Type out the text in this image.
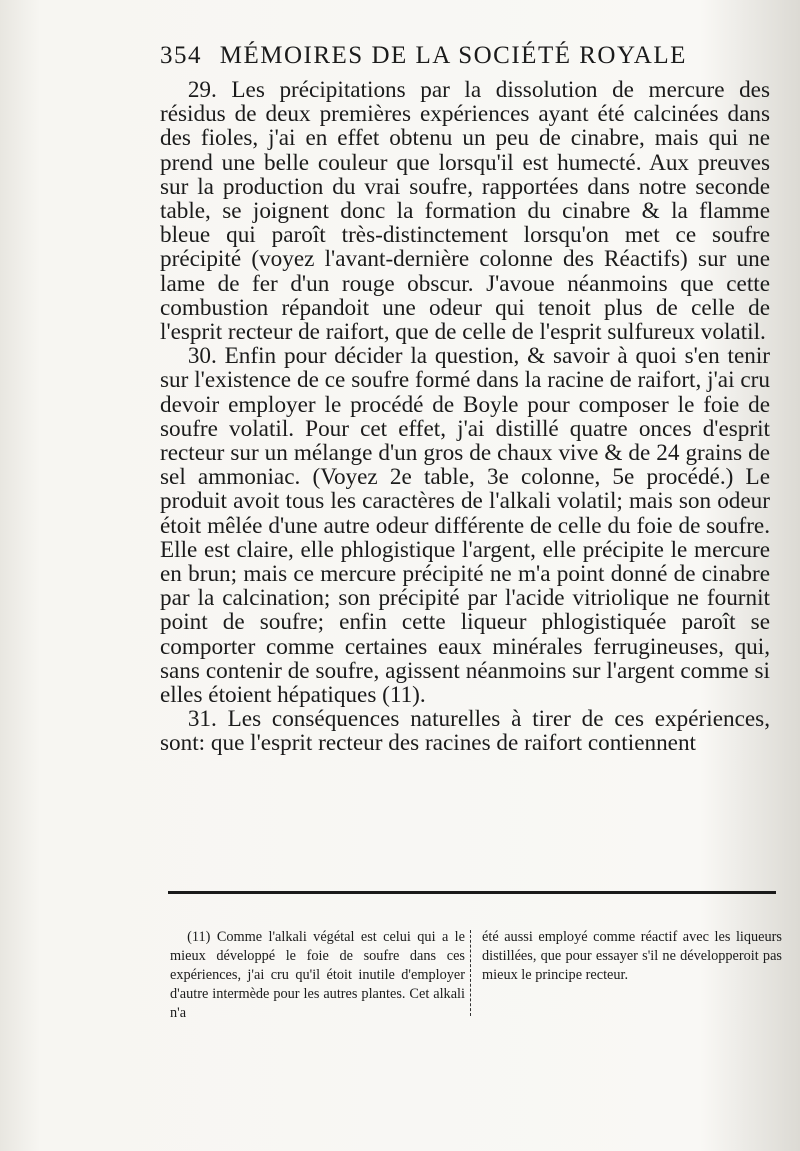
354 MÉMOIRES DE LA SOCIÉTÉ ROYALE

29. Les précipitations par la dissolution de mercure des résidus de deux premières expériences ayant été calcinées dans des fioles, j'ai en effet obtenu un peu de cinabre, mais qui ne prend une belle couleur que lorsqu'il est humecté. Aux preuves sur la production du vrai soufre, rapportées dans notre seconde table, se joignent donc la formation du cinabre & la flamme bleue qui paroît très-distinctement lorsqu'on met ce soufre précipité (voyez l'avant-dernière colonne des Réactifs) sur une lame de fer d'un rouge obscur. J'avoue néanmoins que cette combustion répandoit une odeur qui tenoit plus de celle de l'esprit recteur de raifort, que de celle de l'esprit sulfureux volatil.

30. Enfin pour décider la question, & savoir à quoi s'en tenir sur l'existence de ce soufre formé dans la racine de raifort, j'ai cru devoir employer le procédé de Boyle pour composer le foie de soufre volatil. Pour cet effet, j'ai distillé quatre onces d'esprit recteur sur un mélange d'un gros de chaux vive & de 24 grains de sel ammoniac. (Voyez 2e table, 3e colonne, 5e procédé.) Le produit avoit tous les caractères de l'alkali volatil; mais son odeur étoit mêlée d'une autre odeur différente de celle du foie de soufre. Elle est claire, elle phlogistique l'argent, elle précipite le mercure en brun; mais ce mercure précipité ne m'a point donné de cinabre par la calcination; son précipité par l'acide vitriolique ne fournit point de soufre; enfin cette liqueur phlogistiquée paroît se comporter comme certaines eaux minérales ferrugineuses, qui, sans contenir de soufre, agissent néanmoins sur l'argent comme si elles étoient hépatiques (11).

31. Les conséquences naturelles à tirer de ces expériences, sont: que l'esprit recteur des racines de raifort contiennent

(11) Comme l'alkali végétal est celui qui a le mieux développé le foie de soufre dans ces expériences, j'ai cru qu'il étoit inutile d'employer d'autre intermède pour les autres plantes. Cet alkali n'a

été aussi employé comme réactif avec les liqueurs distillées, que pour essayer s'il ne développeroit pas mieux le principe recteur.
